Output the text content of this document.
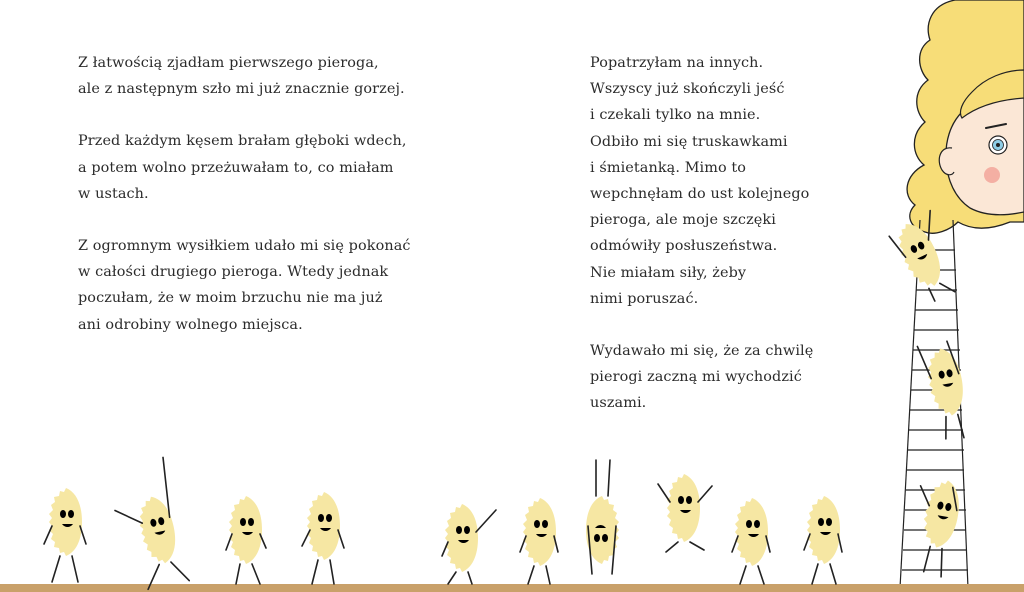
Z łatwością zjadłam pierwszego pieroga,
ale z następnym szło mi już znacznie gorzej.

Przed każdym kęsem brałam głęboki wdech,
a potem wolno przeżuwałam to, co miałam
w ustach.

Z ogromnym wysiłkiem udało mi się pokonać
w całości drugiego pieroga. Wtedy jednak
poczułam, że w moim brzuchu nie ma już
ani odrobiny wolnego miejsca.

Popatrzyłam na innych.
Wszyscy już skończyli jeść
i czekali tylko na mnie.
Odbiło mi się truskawkami
i śmietanką. Mimo to
wepchnęłam do ust kolejnego
pieroga, ale moje szczęki
odmówiły posłuszeństwa.
Nie miałam siły, żeby
nimi poruszać.

Wydawało mi się, że za chwilę
pierogi zaczną mi wychodzić
uszami.
